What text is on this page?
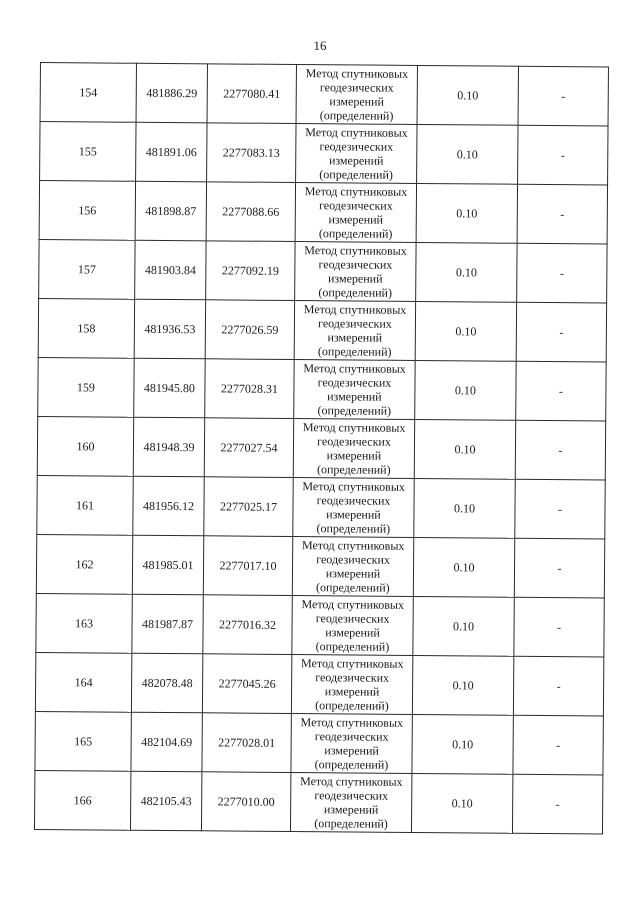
16
154	481886.29	2277080.41	Метод спутниковых геодезических измерений (определений)	0.10	-
155	481891.06	2277083.13	Метод спутниковых геодезических измерений (определений)	0.10	-
156	481898.87	2277088.66	Метод спутниковых геодезических измерений (определений)	0.10	-
157	481903.84	2277092.19	Метод спутниковых геодезических измерений (определений)	0.10	-
158	481936.53	2277026.59	Метод спутниковых геодезических измерений (определений)	0.10	-
159	481945.80	2277028.31	Метод спутниковых геодезических измерений (определений)	0.10	-
160	481948.39	2277027.54	Метод спутниковых геодезических измерений (определений)	0.10	-
161	481956.12	2277025.17	Метод спутниковых геодезических измерений (определений)	0.10	-
162	481985.01	2277017.10	Метод спутниковых геодезических измерений (определений)	0.10	-
163	481987.87	2277016.32	Метод спутниковых геодезических измерений (определений)	0.10	-
164	482078.48	2277045.26	Метод спутниковых геодезических измерений (определений)	0.10	-
165	482104.69	2277028.01	Метод спутниковых геодезических измерений (определений)	0.10	-
166	482105.43	2277010.00	Метод спутниковых геодезических измерений (определений)	0.10	-
